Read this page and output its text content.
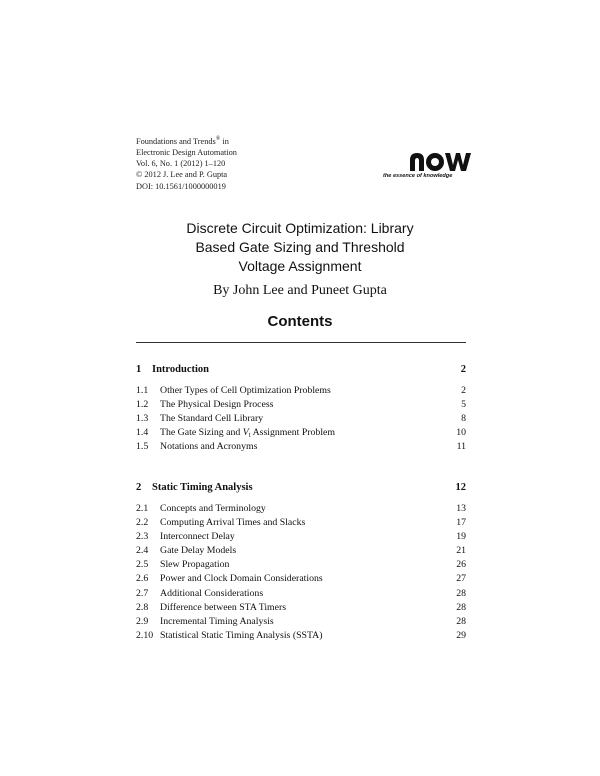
Foundations and Trends® in
Electronic Design Automation
Vol. 6, No. 1 (2012) 1–120
© 2012 J. Lee and P. Gupta
DOI: 10.1561/1000000019
the essence of knowledge
Discrete Circuit Optimization: Library
Based Gate Sizing and Threshold
Voltage Assignment
By John Lee and Puneet Gupta
Contents
1 Introduction	2
1.1 Other Types of Cell Optimization Problems	2
1.2 The Physical Design Process	5
1.3 The Standard Cell Library	8
1.4 The Gate Sizing and $V_t$ Assignment Problem	10
1.5 Notations and Acronyms	11
2 Static Timing Analysis	12
2.1 Concepts and Terminology	13
2.2 Computing Arrival Times and Slacks	17
2.3 Interconnect Delay	19
2.4 Gate Delay Models	21
2.5 Slew Propagation	26
2.6 Power and Clock Domain Considerations	27
2.7 Additional Considerations	28
2.8 Difference between STA Timers	28
2.9 Incremental Timing Analysis	28
2.10 Statistical Static Timing Analysis (SSTA)	29
